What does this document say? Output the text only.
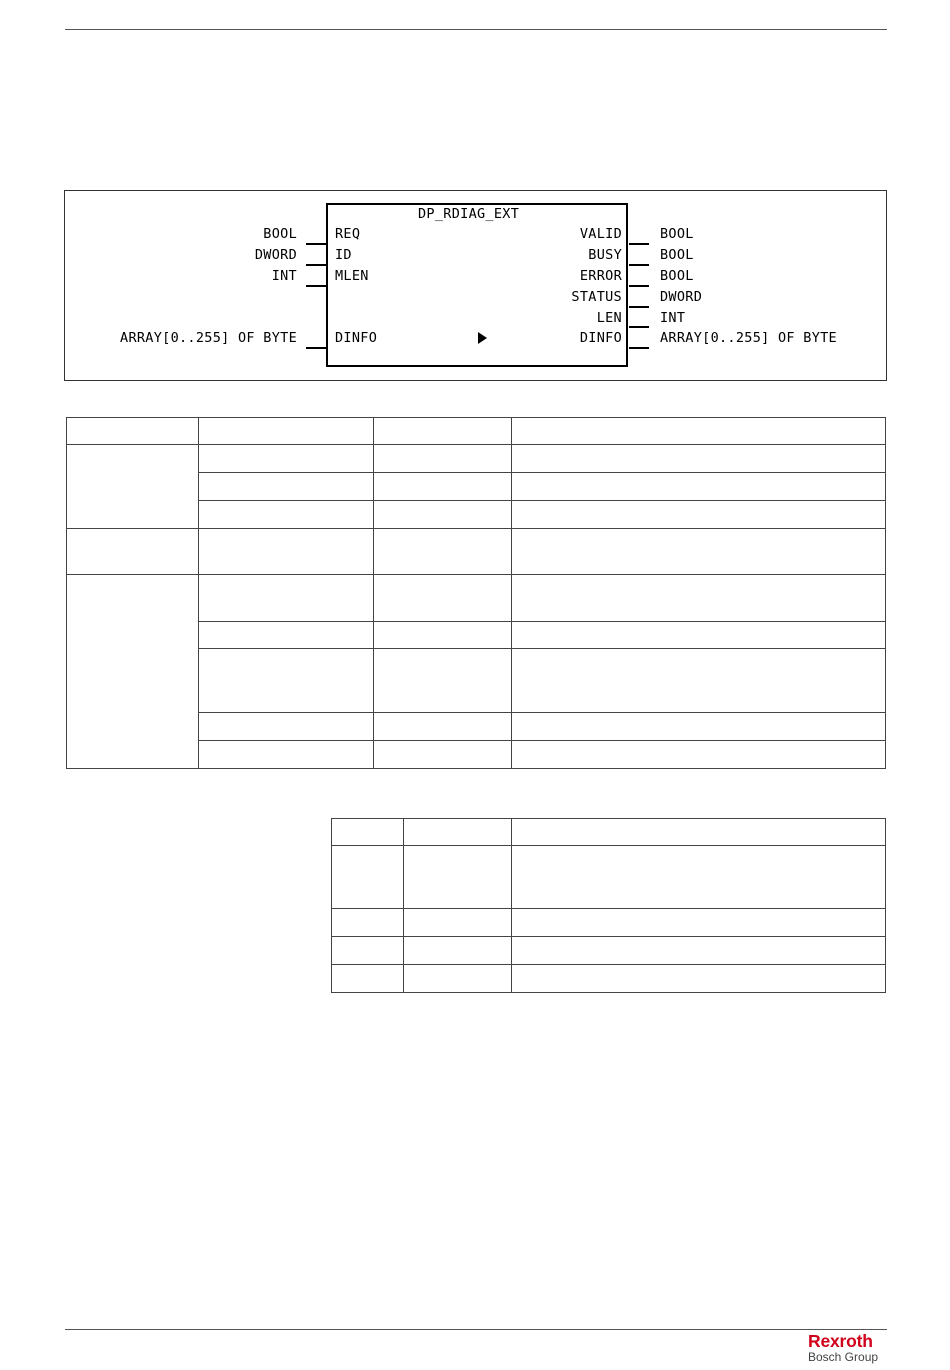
DP_RDIAG_EXT
BOOL
DWORD
INT
ARRAY[0..255] OF BYTE
REQ
ID
MLEN
DINFO
VALID
BUSY
ERROR
STATUS
LEN
DINFO
BOOL
BOOL
BOOL
DWORD
INT
ARRAY[0..255] OF BYTE

Rexroth
Bosch Group
